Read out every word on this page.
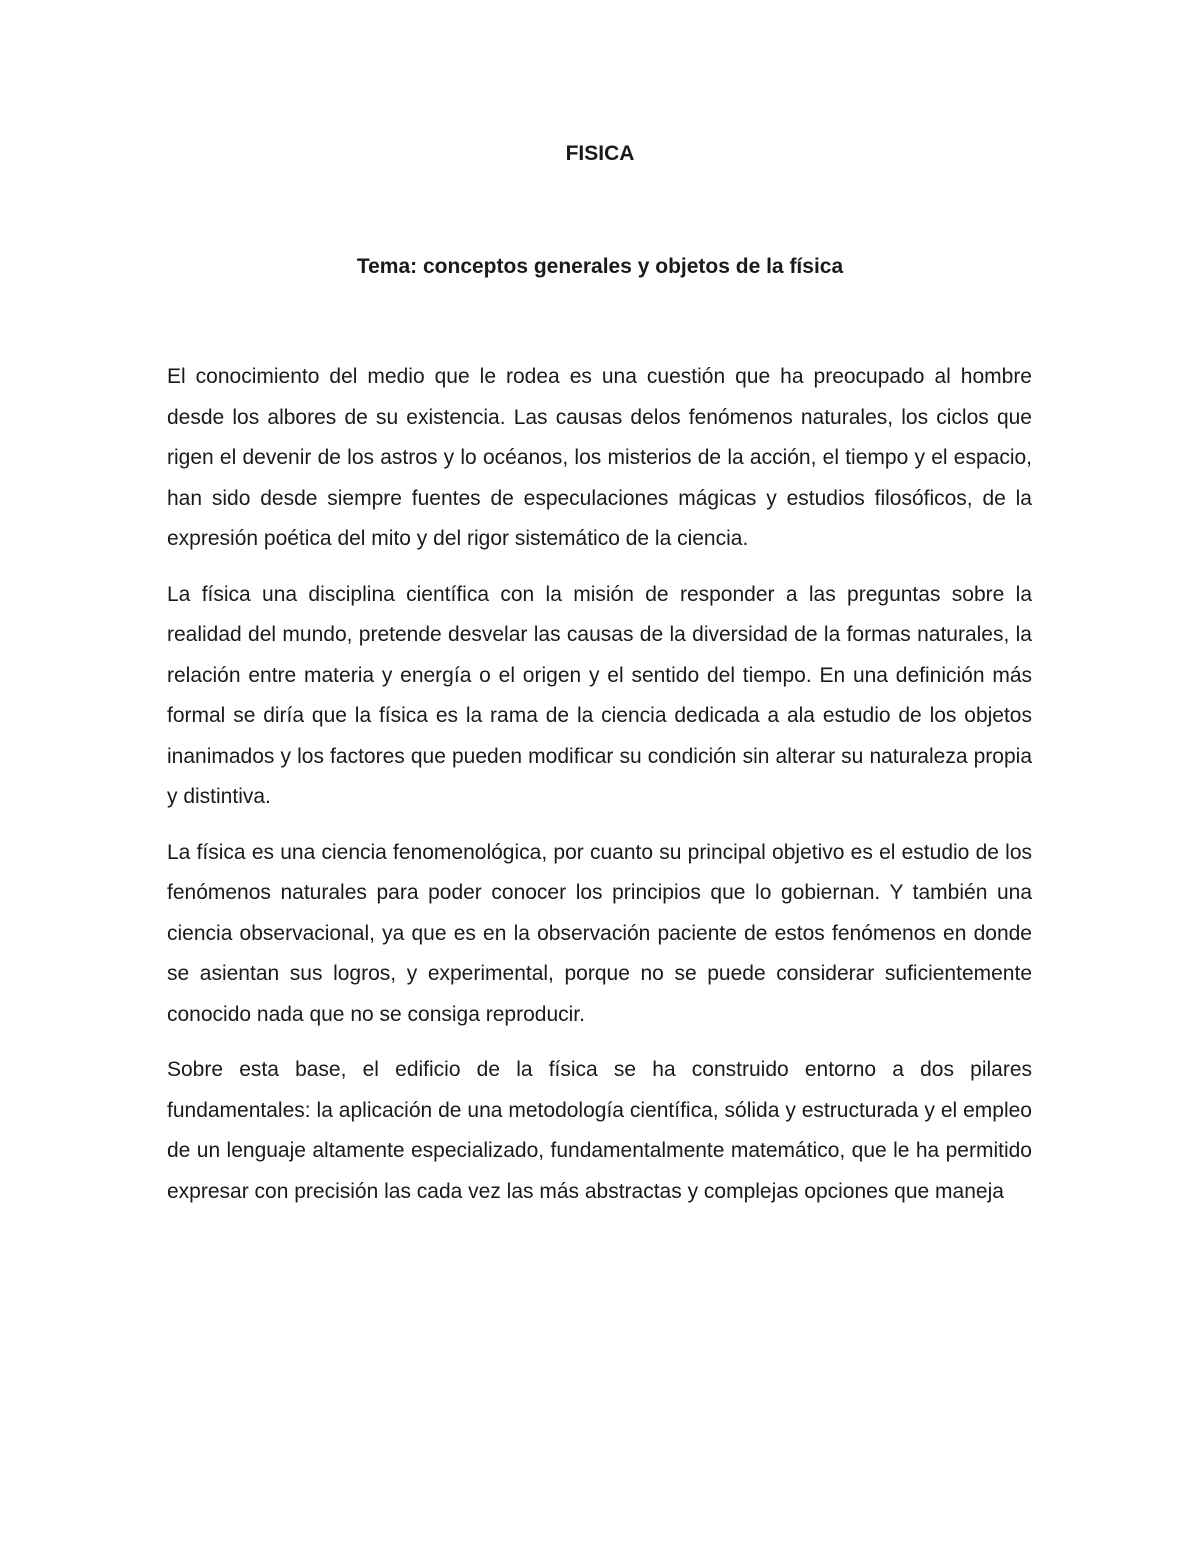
FISICA
Tema: conceptos generales y objetos de la física

El conocimiento del medio que le rodea es una cuestión que ha preocupado al hombre desde los albores de su existencia. Las causas delos fenómenos naturales, los ciclos que rigen el devenir de los astros y lo océanos, los misterios de la acción, el tiempo y el espacio, han sido desde siempre fuentes de especulaciones mágicas y estudios filosóficos, de la expresión poética del mito y del rigor sistemático de la ciencia.

La física una disciplina científica con la misión de responder a las preguntas sobre la realidad del mundo, pretende desvelar las causas de la diversidad de la formas naturales, la relación entre materia y energía o el origen y el sentido del tiempo. En una definición más formal se diría que la física es la rama de la ciencia dedicada a ala estudio de los objetos inanimados y los factores que pueden modificar su condición sin alterar su naturaleza propia y distintiva.

La física es una ciencia fenomenológica, por cuanto su principal objetivo es el estudio de los fenómenos naturales para poder conocer los principios que lo gobiernan. Y también una ciencia observacional, ya que es en la observación paciente de estos fenómenos en donde se asientan sus logros, y experimental, porque no se puede considerar suficientemente conocido nada que no se consiga reproducir.

Sobre esta base, el edificio de la física se ha construido entorno a dos pilares fundamentales: la aplicación de una metodología científica, sólida y estructurada y el empleo de un lenguaje altamente especializado, fundamentalmente matemático, que le ha permitido expresar con precisión las cada vez las más abstractas y complejas opciones que maneja
